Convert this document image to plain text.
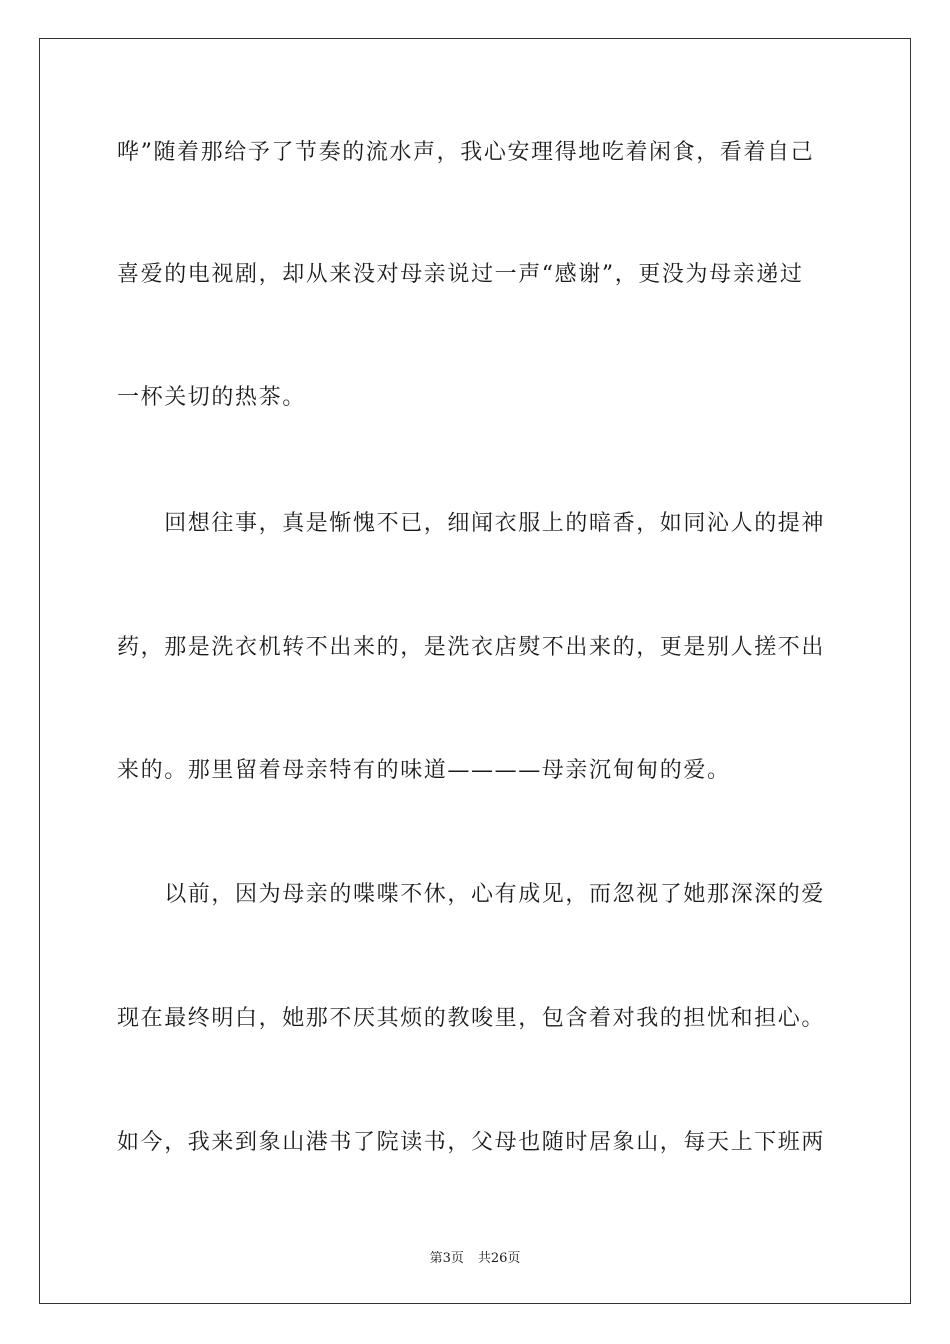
哗”随着那给予了节奏的流水声，我心安理得地吃着闲食，看着自己
喜爱的电视剧，却从来没对母亲说过一声“感谢”，更没为母亲递过
一杯关切的热茶。
　　回想往事，真是惭愧不已，细闻衣服上的暗香，如同沁人的提神
药，那是洗衣机转不出来的，是洗衣店熨不出来的，更是别人搓不出
来的。那里留着母亲特有的味道————母亲沉甸甸的爱。
　　以前，因为母亲的喋喋不休，心有成见，而忽视了她那深深的爱
现在最终明白，她那不厌其烦的教唆里，包含着对我的担忧和担心。
如今，我来到象山港书了院读书，父母也随时居象山，每天上下班两
第3页 共26页
